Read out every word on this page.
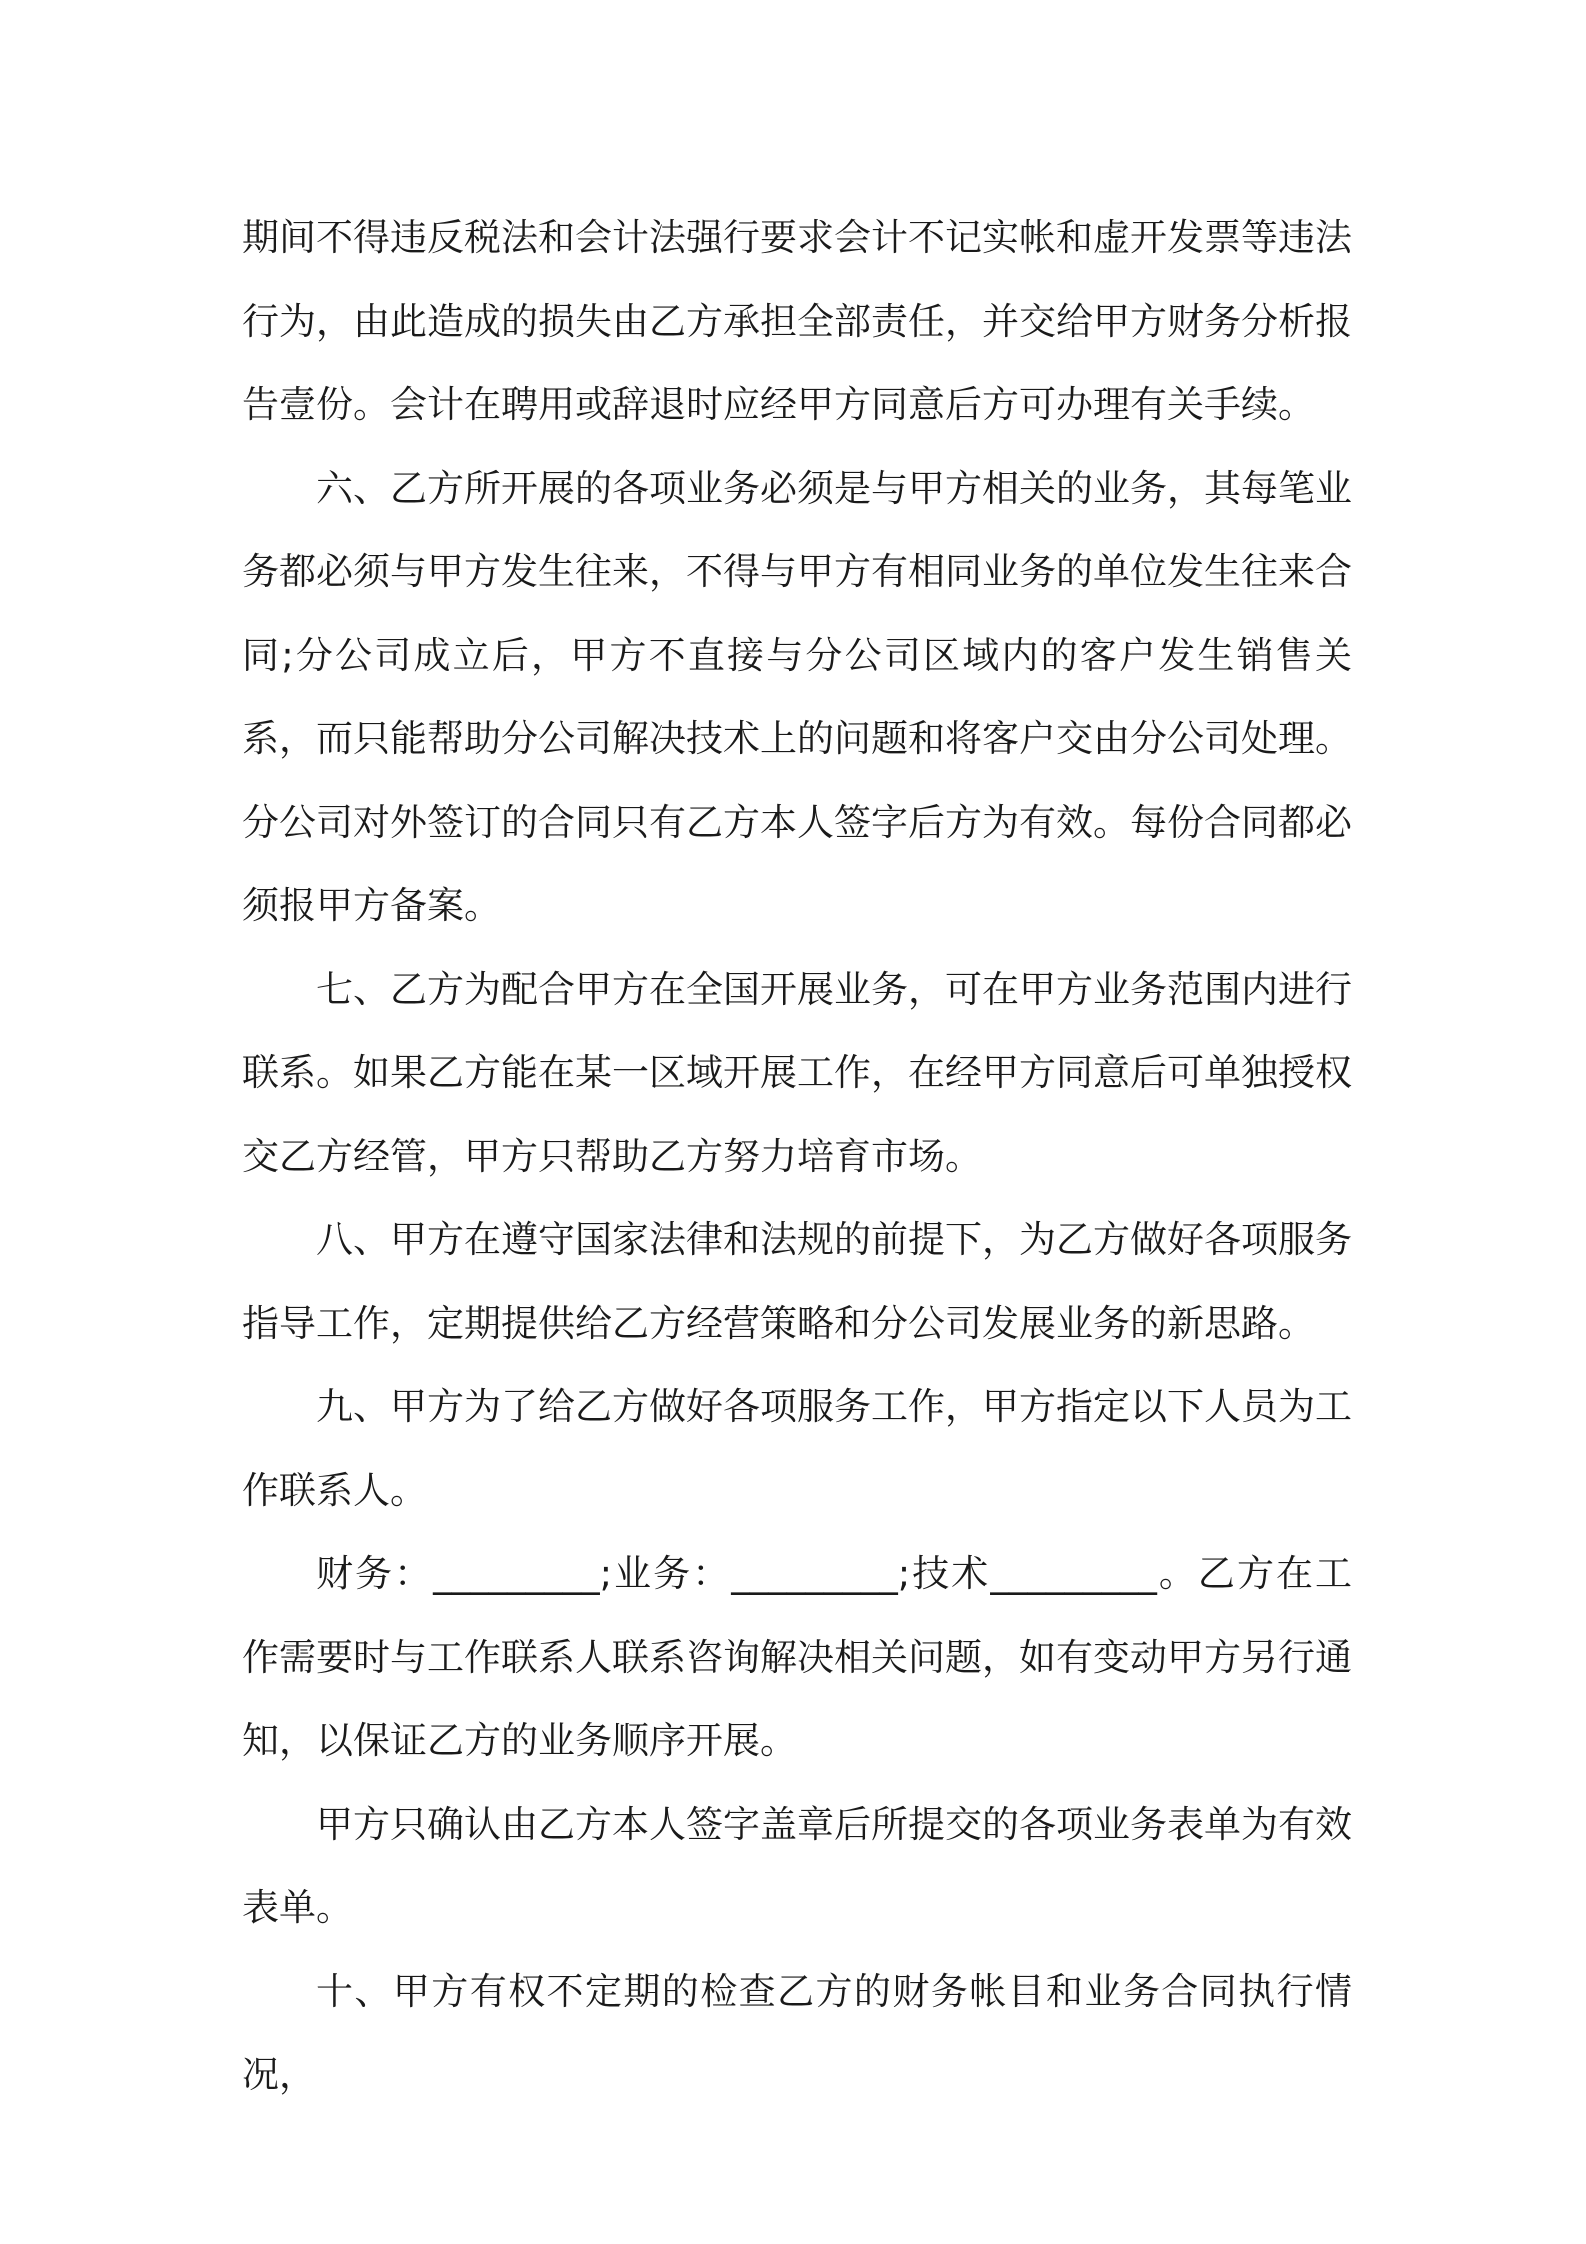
期间不得违反税法和会计法强行要求会计不记实帐和虚开发票等违法行为，由此造成的损失由乙方承担全部责任，并交给甲方财务分析报告壹份。会计在聘用或辞退时应经甲方同意后方可办理有关手续。

六、乙方所开展的各项业务必须是与甲方相关的业务，其每笔业务都必须与甲方发生往来，不得与甲方有相同业务的单位发生往来合同;分公司成立后，甲方不直接与分公司区域内的客户发生销售关系，而只能帮助分公司解决技术上的问题和将客户交由分公司处理。分公司对外签订的合同只有乙方本人签字后方为有效。每份合同都必须报甲方备案。

七、乙方为配合甲方在全国开展业务，可在甲方业务范围内进行联系。如果乙方能在某一区域开展工作，在经甲方同意后可单独授权交乙方经管，甲方只帮助乙方努力培育市场。

八、甲方在遵守国家法律和法规的前提下，为乙方做好各项服务指导工作，定期提供给乙方经营策略和分公司发展业务的新思路。

九、甲方为了给乙方做好各项服务工作，甲方指定以下人员为工作联系人。

财务：_________;业务：_________;技术_________。乙方在工作需要时与工作联系人联系咨询解决相关问题，如有变动甲方另行通知，以保证乙方的业务顺序开展。

甲方只确认由乙方本人签字盖章后所提交的各项业务表单为有效表单。

十、甲方有权不定期的检查乙方的财务帐目和业务合同执行情况，
